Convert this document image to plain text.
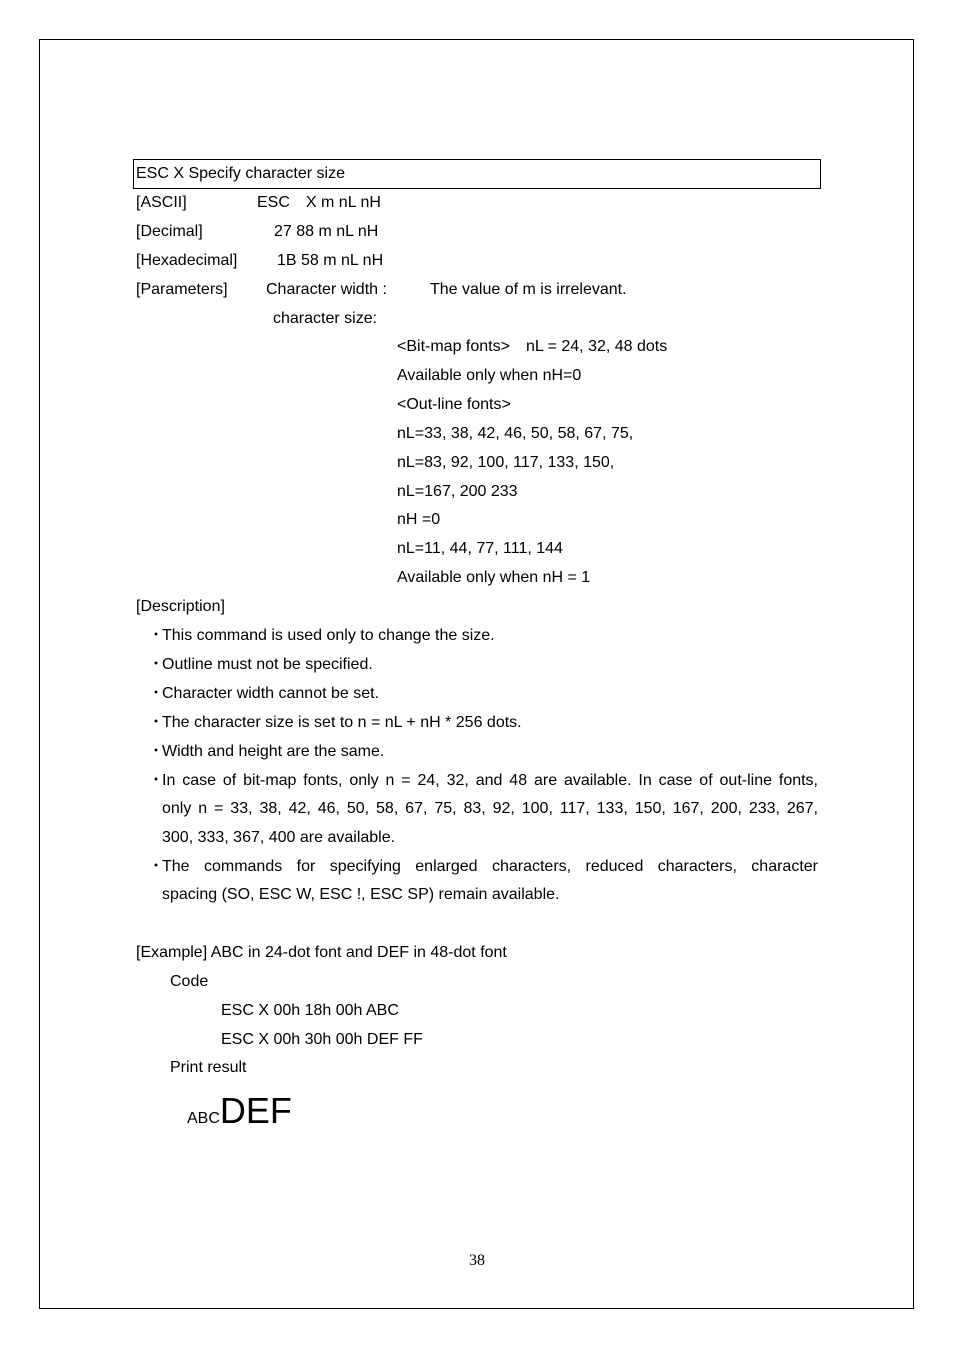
ESC X Specify character size
[ASCII]	ESC　X m nL nH
[Decimal]	27 88 m nL nH
[Hexadecimal] 1B 58 m nL nH
[Parameters] Character width :	The value of m is irrelevant.
character size:
<Bit-map fonts>　nL = 24, 32, 48 dots
Available only when nH=0
<Out-line fonts>
nL=33, 38, 42, 46, 50, 58, 67, 75,
nL=83, 92, 100, 117, 133, 150,
nL=167, 200 233
nH =0
nL=11, 44, 77, 111, 144
Available only when nH = 1
[Description]
・
This command is used only to change the size.
・
Outline must not be specified.
・
Character width cannot be set.
・
The character size is set to n = nL + nH * 256 dots.
・
Width and height are the same.
・
In case of bit-map fonts, only n = 24, 32, and 48 are available. In case of out-line fonts,
only n = 33, 38, 42, 46, 50, 58, 67, 75, 83, 92, 100, 117, 133, 150, 167, 200, 233, 267,
300, 333, 367, 400 are available.
・
The commands for specifying enlarged characters, reduced characters, character
spacing (SO, ESC W, ESC !, ESC SP) remain available.
[Example] ABC in 24-dot font and DEF in 48-dot font
Code
ESC X 00h 18h 00h ABC
ESC X 00h 30h 00h DEF FF
Print result
ABCDEF
38
